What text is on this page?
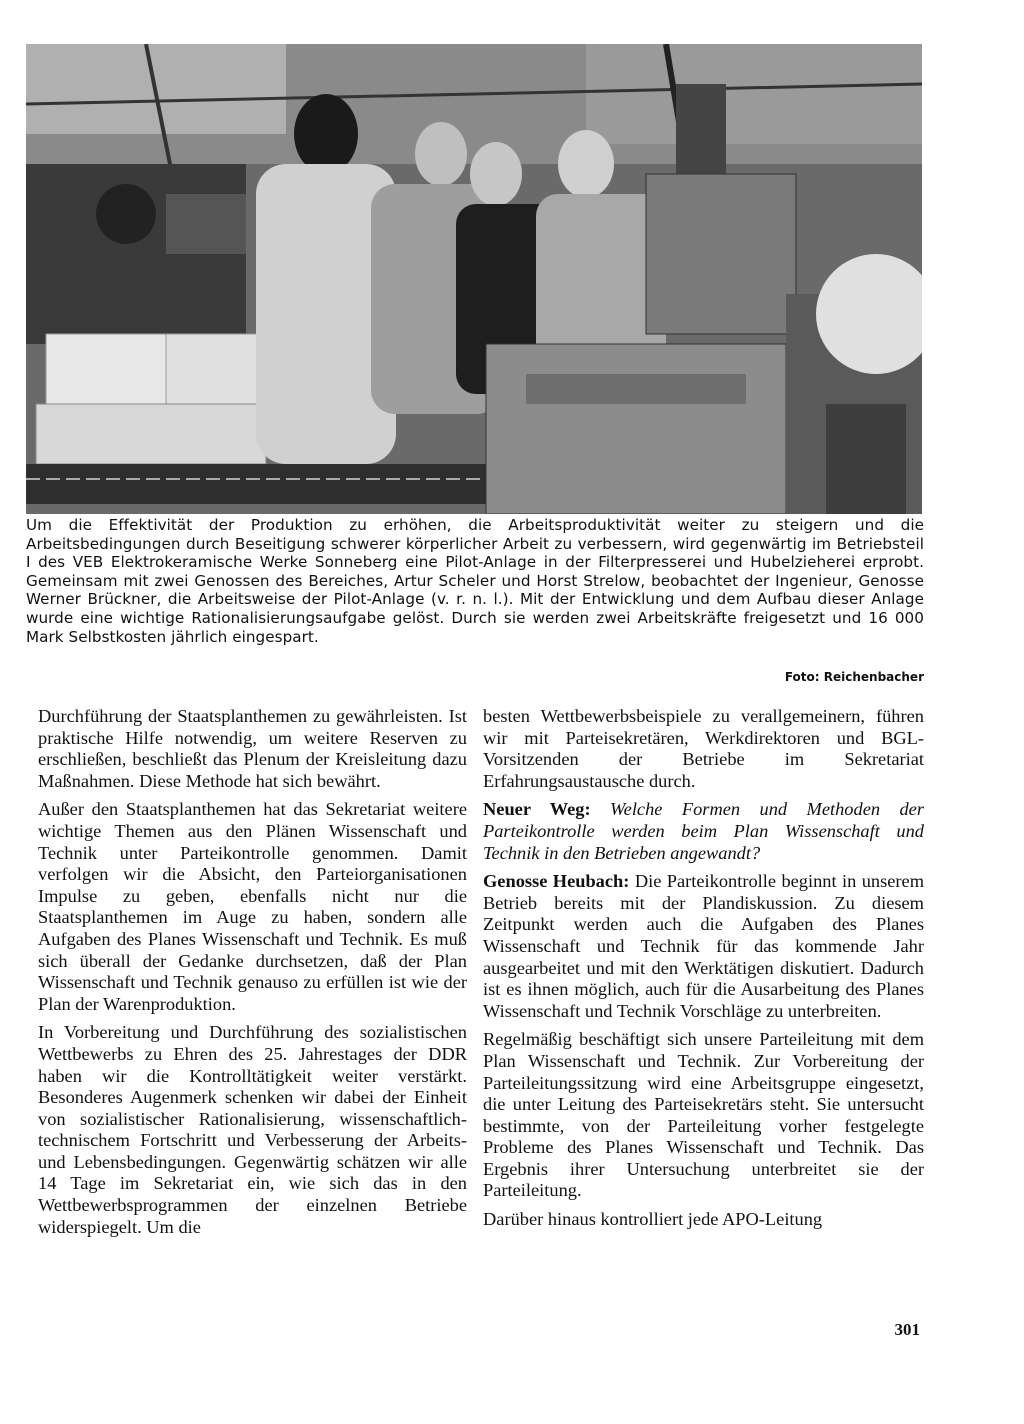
Um die Effektivität der Produktion zu erhöhen, die Arbeitsproduktivität weiter zu steigern und die Arbeitsbedingungen durch Beseitigung schwerer körperlicher Arbeit zu verbessern, wird gegenwärtig im Betriebsteil I des VEB Elektrokeramische Werke Sonneberg eine Pilot-Anlage in der Filterpresserei und Hubelzieherei erprobt. Gemeinsam mit zwei Genossen des Bereiches, Artur Scheler und Horst Strelow, beobachtet der Ingenieur, Genosse Werner Brückner, die Arbeitsweise der Pilot-Anlage (v. r. n. l.). Mit der Entwicklung und dem Aufbau dieser Anlage wurde eine wichtige Rationalisierungsaufgabe gelöst. Durch sie werden zwei Arbeitskräfte freigesetzt und 16 000 Mark Selbstkosten jährlich eingespart.
Foto: Reichenbacher

Durchführung der Staatsplanthemen zu gewährleisten. Ist praktische Hilfe notwendig, um weitere Reserven zu erschließen, beschließt das Plenum der Kreisleitung dazu Maßnahmen. Diese Methode hat sich bewährt.

Außer den Staatsplanthemen hat das Sekretariat weitere wichtige Themen aus den Plänen Wissenschaft und Technik unter Parteikontrolle genommen. Damit verfolgen wir die Absicht, den Parteiorganisationen Impulse zu geben, ebenfalls nicht nur die Staatsplanthemen im Auge zu haben, sondern alle Aufgaben des Planes Wissenschaft und Technik. Es muß sich überall der Gedanke durchsetzen, daß der Plan Wissenschaft und Technik genauso zu erfüllen ist wie der Plan der Warenproduktion.

In Vorbereitung und Durchführung des sozialistischen Wettbewerbs zu Ehren des 25. Jahrestages der DDR haben wir die Kontrolltätigkeit weiter verstärkt. Besonderes Augenmerk schenken wir dabei der Einheit von sozialistischer Rationalisierung, wissenschaftlich-technischem Fortschritt und Verbesserung der Arbeits- und Lebensbedingungen. Gegenwärtig schätzen wir alle 14 Tage im Sekretariat ein, wie sich das in den Wettbewerbsprogrammen der einzelnen Betriebe widerspiegelt. Um die

besten Wettbewerbsbeispiele zu verallgemeinern, führen wir mit Parteisekretären, Werkdirektoren und BGL-Vorsitzenden der Betriebe im Sekretariat Erfahrungsaustausche durch.

Neuer Weg: Welche Formen und Methoden der Parteikontrolle werden beim Plan Wissenschaft und Technik in den Betrieben angewandt?

Genosse Heubach: Die Parteikontrolle beginnt in unserem Betrieb bereits mit der Plandiskussion. Zu diesem Zeitpunkt werden auch die Aufgaben des Planes Wissenschaft und Technik für das kommende Jahr ausgearbeitet und mit den Werktätigen diskutiert. Dadurch ist es ihnen möglich, auch für die Ausarbeitung des Planes Wissenschaft und Technik Vorschläge zu unterbreiten.

Regelmäßig beschäftigt sich unsere Parteileitung mit dem Plan Wissenschaft und Technik. Zur Vorbereitung der Parteileitungssitzung wird eine Arbeitsgruppe eingesetzt, die unter Leitung des Parteisekretärs steht. Sie untersucht bestimmte, von der Parteileitung vorher festgelegte Probleme des Planes Wissenschaft und Technik. Das Ergebnis ihrer Untersuchung unterbreitet sie der Parteileitung.

Darüber hinaus kontrolliert jede APO-Leitung

301
